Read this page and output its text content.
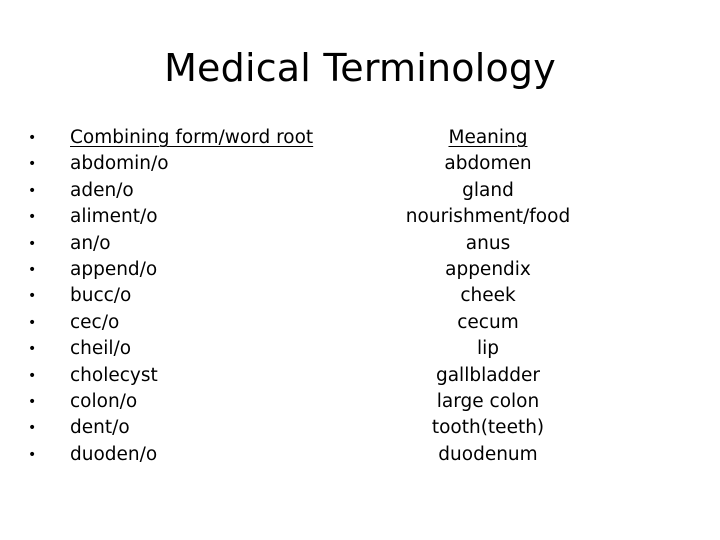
Medical Terminology
• Combining form/word root	Meaning
• abdomin/o	abdomen
• aden/o	gland
• aliment/o	nourishment/food
• an/o	anus
• append/o	appendix
• bucc/o	cheek
• cec/o	cecum
• cheil/o	lip
• cholecyst	gallbladder
• colon/o	large colon
• dent/o	tooth(teeth)
• duoden/o	duodenum
